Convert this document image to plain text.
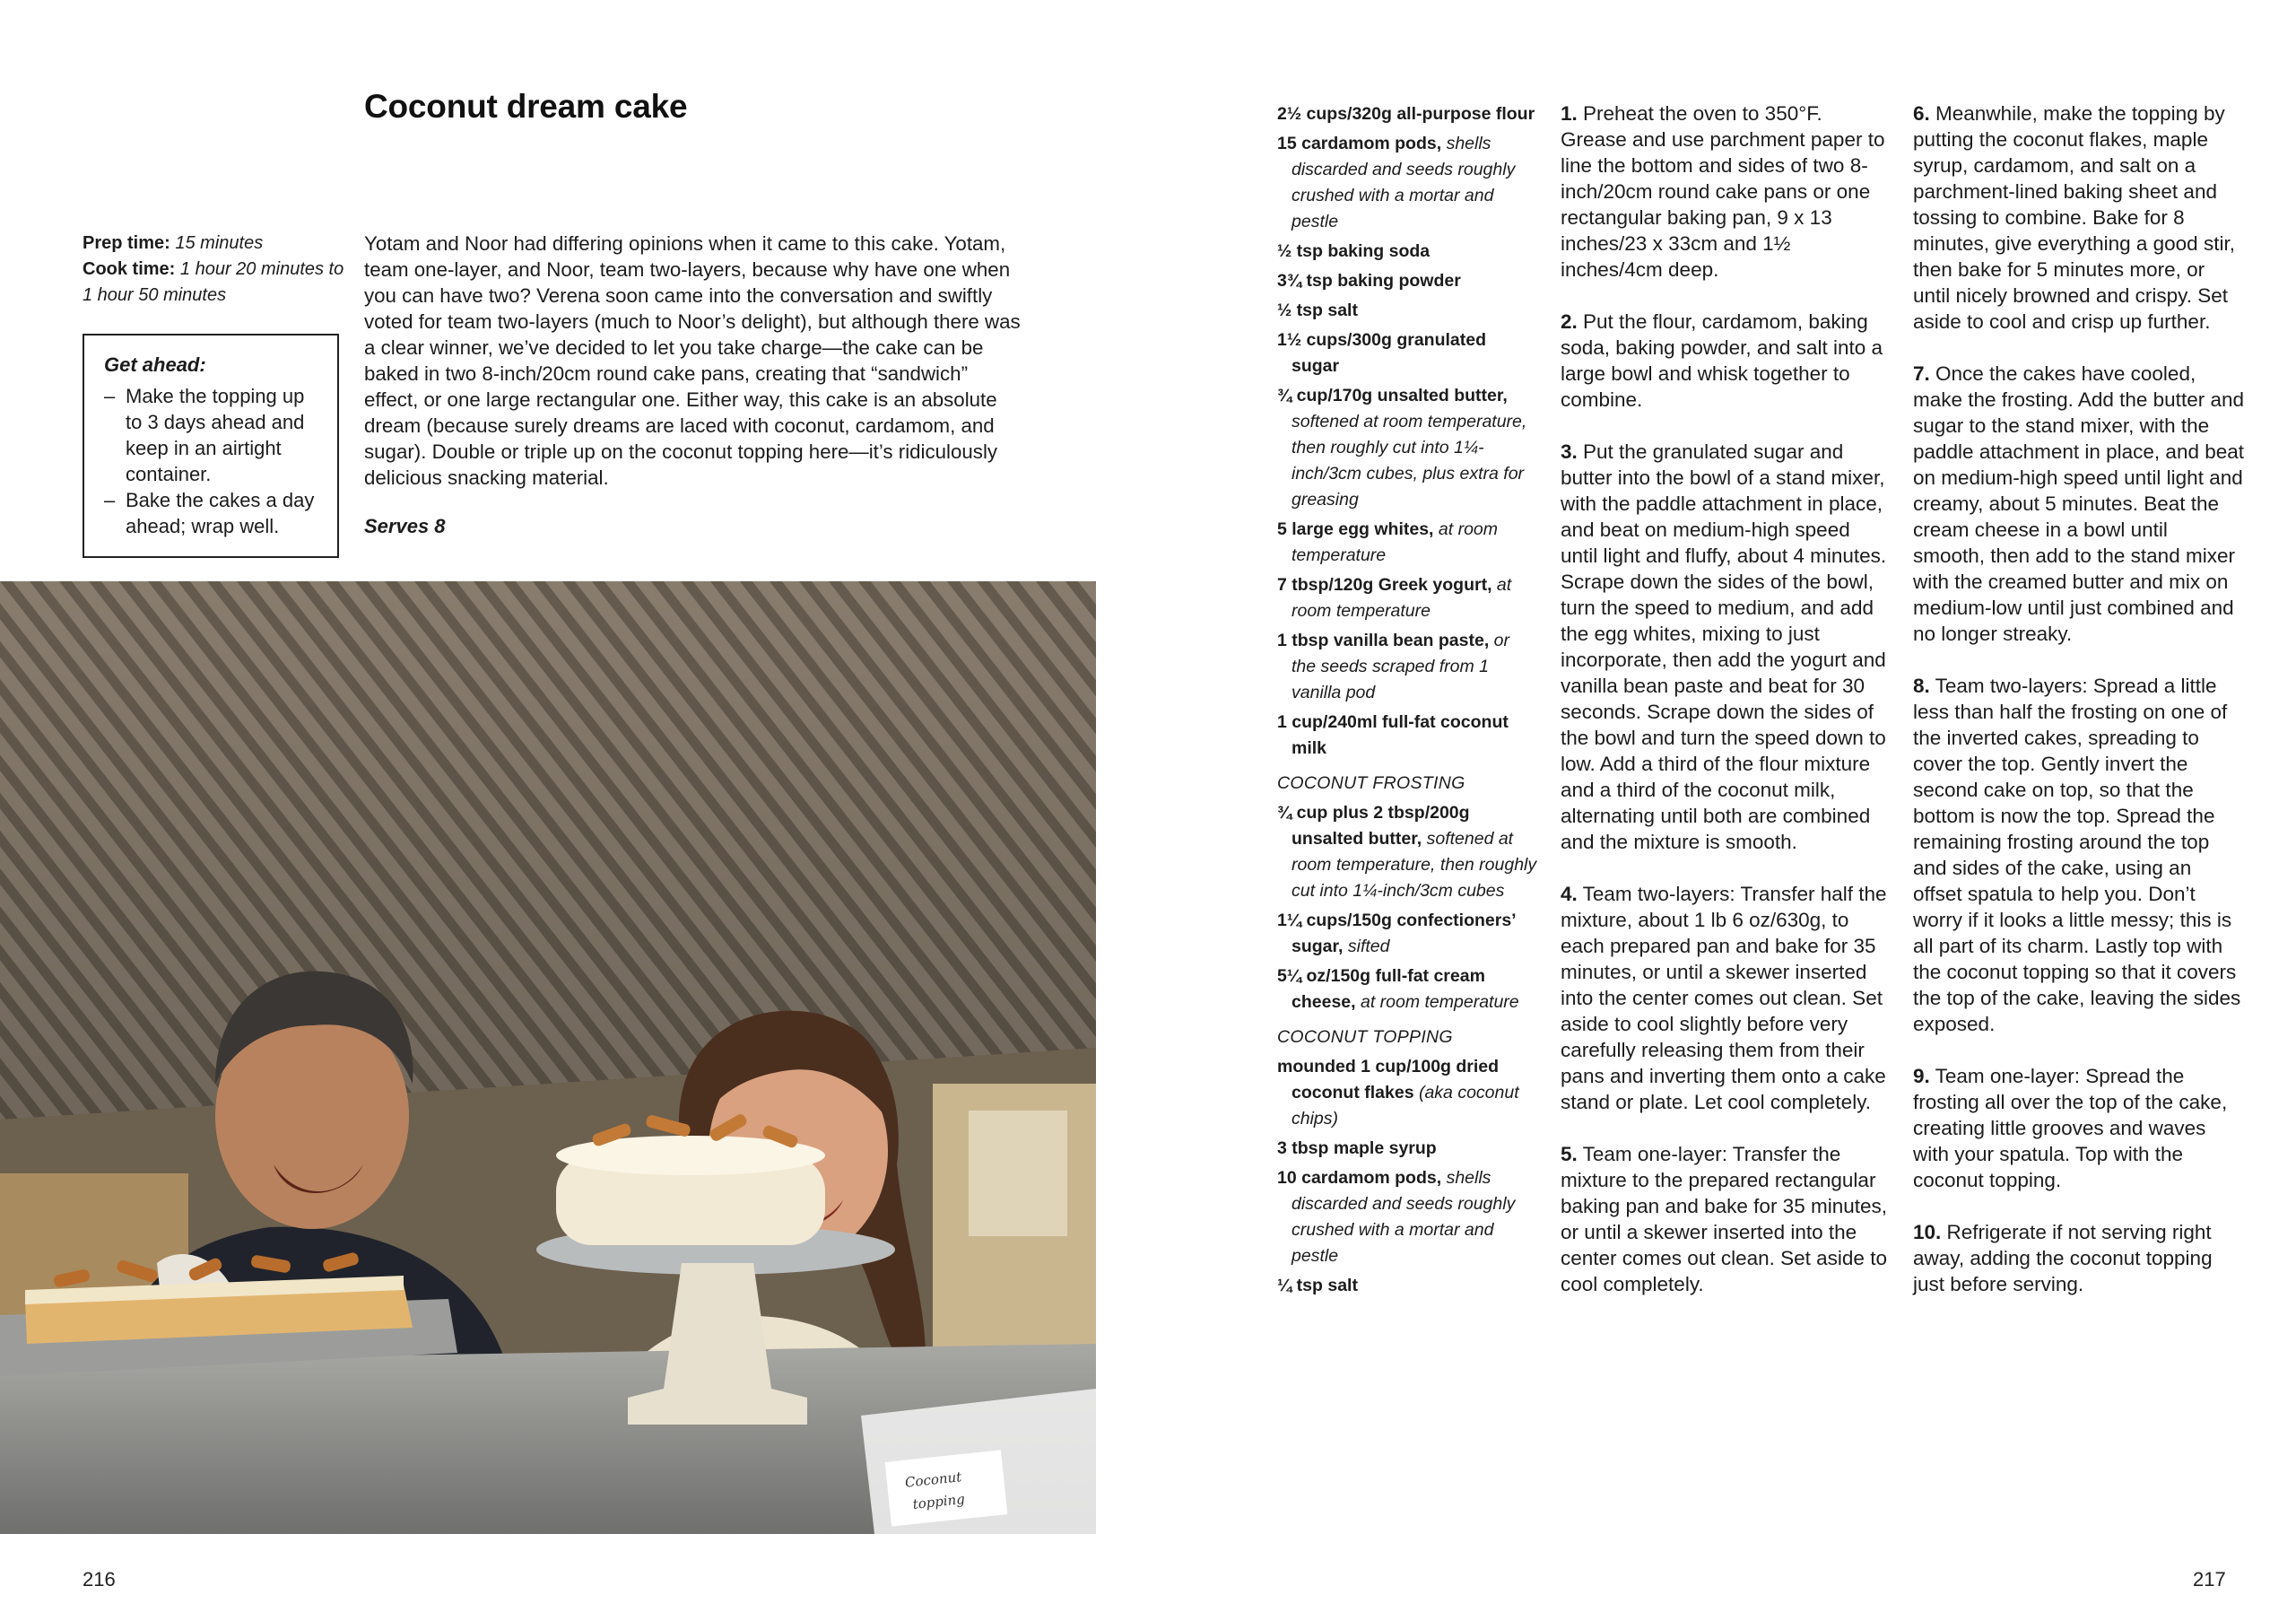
Coconut dream cake
Prep time: 15 minutes
Cook time: 1 hour 20 minutes to 1 hour 50 minutes
Get ahead:
– Make the topping up to 3 days ahead and keep in an airtight container.
– Bake the cakes a day ahead; wrap well.
Yotam and Noor had differing opinions when it came to this cake. Yotam, team one-layer, and Noor, team two-layers, because why have one when you can have two? Verena soon came into the conversation and swiftly voted for team two-layers (much to Noor’s delight), but although there was a clear winner, we’ve decided to let you take charge—the cake can be baked in two 8-inch/20cm round cake pans, creating that “sandwich” effect, or one large rectangular one. Either way, this cake is an absolute dream (because surely dreams are laced with coconut, cardamom, and sugar). Double or triple up on the coconut topping here—it’s ridiculously delicious snacking material.
Serves 8
Coconut
topping
216
2½ cups/320g all-purpose flour
15 cardamom pods, shells discarded and seeds roughly crushed with a mortar and pestle
½ tsp baking soda
3¾ tsp baking powder
½ tsp salt
1½ cups/300g granulated sugar
¾ cup/170g unsalted butter, softened at room temperature, then roughly cut into 1¼-inch/3cm cubes, plus extra for greasing
5 large egg whites, at room temperature
7 tbsp/120g Greek yogurt, at room temperature
1 tbsp vanilla bean paste, or the seeds scraped from 1 vanilla pod
1 cup/240ml full-fat coconut milk
COCONUT FROSTING
¾ cup plus 2 tbsp/200g unsalted butter, softened at room temperature, then roughly cut into 1¼-inch/3cm cubes
1¼ cups/150g confectioners’ sugar, sifted
5¼ oz/150g full-fat cream cheese, at room temperature
COCONUT TOPPING
mounded 1 cup/100g dried coconut flakes (aka coconut chips)
3 tbsp maple syrup
10 cardamom pods, shells discarded and seeds roughly crushed with a mortar and pestle
¼ tsp salt

1. Preheat the oven to 350°F. Grease and use parchment paper to line the bottom and sides of two 8-inch/20cm round cake pans or one rectangular baking pan, 9 x 13 inches/23 x 33cm and 1½ inches/4cm deep.

2. Put the flour, cardamom, baking soda, baking powder, and salt into a large bowl and whisk together to combine.

3. Put the granulated sugar and butter into the bowl of a stand mixer, with the paddle attachment in place, and beat on medium-high speed until light and fluffy, about 4 minutes. Scrape down the sides of the bowl, turn the speed to medium, and add the egg whites, mixing to just incorporate, then add the yogurt and vanilla bean paste and beat for 30 seconds. Scrape down the sides of the bowl and turn the speed down to low. Add a third of the flour mixture and a third of the coconut milk, alternating until both are combined and the mixture is smooth.

4. Team two-layers: Transfer half the mixture, about 1 lb 6 oz/630g, to each prepared pan and bake for 35 minutes, or until a skewer inserted into the center comes out clean. Set aside to cool slightly before very carefully releasing them from their pans and inverting them onto a cake stand or plate. Let cool completely.

5. Team one-layer: Transfer the mixture to the prepared rectangular baking pan and bake for 35 minutes, or until a skewer inserted into the center comes out clean. Set aside to cool completely.

6. Meanwhile, make the topping by putting the coconut flakes, maple syrup, cardamom, and salt on a parchment-lined baking sheet and tossing to combine. Bake for 8 minutes, give everything a good stir, then bake for 5 minutes more, or until nicely browned and crispy. Set aside to cool and crisp up further.

7. Once the cakes have cooled, make the frosting. Add the butter and sugar to the stand mixer, with the paddle attachment in place, and beat on medium-high speed until light and creamy, about 5 minutes. Beat the cream cheese in a bowl until smooth, then add to the stand mixer with the creamed butter and mix on medium-low until just combined and no longer streaky.

8. Team two-layers: Spread a little less than half the frosting on one of the inverted cakes, spreading to cover the top. Gently invert the second cake on top, so that the bottom is now the top. Spread the remaining frosting around the top and sides of the cake, using an offset spatula to help you. Don’t worry if it looks a little messy; this is all part of its charm. Lastly top with the coconut topping so that it covers the top of the cake, leaving the sides exposed.

9. Team one-layer: Spread the frosting all over the top of the cake, creating little grooves and waves with your spatula. Top with the coconut topping.

10. Refrigerate if not serving right away, adding the coconut topping just before serving.

217
